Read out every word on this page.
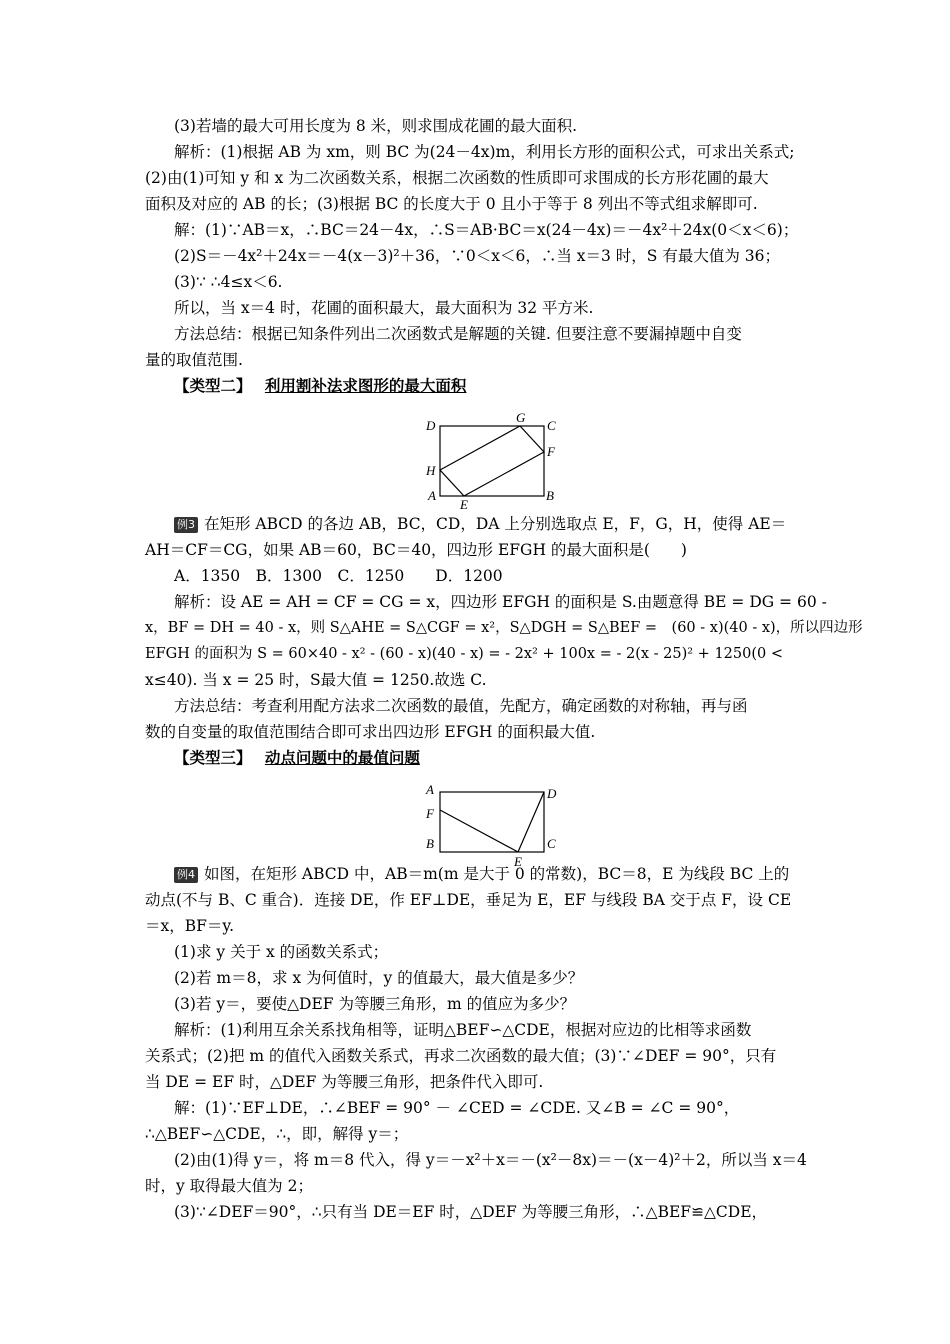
(3)若墙的最大可用长度为 8 米，则求围成花圃的最大面积.
解析：(1)根据 AB 为 xm，则 BC 为(24－4x)m，利用长方形的面积公式，可求出关系式;
(2)由(1)可知 y 和 x 为二次函数关系，根据二次函数的性质即可求围成的长方形花圃的最大
面积及对应的 AB 的长；(3)根据 BC 的长度大于 0 且小于等于 8 列出不等式组求解即可.
解：(1)∵AB＝x，∴BC＝24－4x，∴S＝AB·BC＝x(24－4x)＝－4x²＋24x(0＜x＜6)；
(2)S＝－4x²＋24x＝－4(x－3)²＋36，∵0＜x＜6，∴当 x＝3 时，S 有最大值为 36；
(3)∵ ∴4≤x＜6.
所以，当 x＝4 时，花圃的面积最大，最大面积为 32 平方米.
方法总结：根据已知条件列出二次函数式是解题的关键. 但要注意不要漏掉题中自变
量的取值范围.
【类型二】 利用割补法求图形的最大面积
D
G
C
F
H
A
E
B
例3 在矩形 ABCD 的各边 AB，BC，CD，DA 上分别选取点 E，F，G，H，使得 AE＝
AH＝CF＝CG，如果 AB＝60，BC＝40，四边形 EFGH 的最大面积是(　　)
A．1350　B．1300　C．1250　　D．1200
解析：设 AE = AH = CF = CG = x，四边形 EFGH 的面积是 S.由题意得 BE = DG = 60 -
x，BF = DH = 40 - x，则 S△AHE = S△CGF = x²，S△DGH = S△BEF =　(60 - x)(40 - x)，所以四边形
EFGH 的面积为 S = 60×40 - x² - (60 - x)(40 - x) = - 2x² + 100x = - 2(x - 25)² + 1250(0 <
x≤40). 当 x = 25 时，S最大值 = 1250.故选 C.
方法总结：考查利用配方法求二次函数的最值，先配方，确定函数的对称轴，再与函
数的自变量的取值范围结合即可求出四边形 EFGH 的面积最大值.
【类型三】 动点问题中的最值问题
A
F
B
D
C
E
例4 如图，在矩形 ABCD 中，AB＝m(m 是大于 0 的常数)，BC＝8，E 为线段 BC 上的
动点(不与 B、C 重合)．连接 DE，作 EF⊥DE，垂足为 E，EF 与线段 BA 交于点 F，设 CE
＝x，BF＝y.
(1)求 y 关于 x 的函数关系式；
(2)若 m＝8，求 x 为何值时，y 的值最大，最大值是多少？
(3)若 y＝，要使△DEF 为等腰三角形，m 的值应为多少？
解析：(1)利用互余关系找角相等，证明△BEF∽△CDE，根据对应边的比相等求函数
关系式；(2)把 m 的值代入函数关系式，再求二次函数的最大值；(3)∵∠DEF = 90°，只有
当 DE = EF 时，△DEF 为等腰三角形，把条件代入即可.
解：(1)∵EF⊥DE，∴∠BEF = 90° － ∠CED = ∠CDE. 又∠B = ∠C = 90°，
∴△BEF∽△CDE，∴，即，解得 y＝；
(2)由(1)得 y＝，将 m＝8 代入，得 y＝－x²＋x＝－(x²－8x)＝－(x－4)²＋2，所以当 x＝4
时，y 取得最大值为 2；
(3)∵∠DEF＝90°，∴只有当 DE＝EF 时，△DEF 为等腰三角形，∴△BEF≌△CDE，
